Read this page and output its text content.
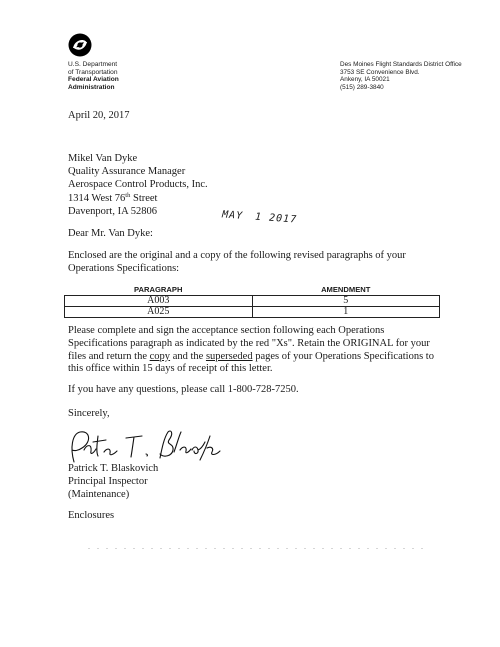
U.S. Department
of Transportation
Federal Aviation
Administration
Des Moines Flight Standards District Office
3753 SE Convenience Blvd.
Ankeny, IA 50021
(515) 289-3840
April 20, 2017
Mikel Van Dyke
Quality Assurance Manager
Aerospace Control Products, Inc.
1314 West 76th Street
Davenport, IA 52806	MAY 1 2017
Dear Mr. Van Dyke:
Enclosed are the original and a copy of the following revised paragraphs of your Operations Specifications:
PARAGRAPH	AMENDMENT
A003	5
A025	1
Please complete and sign the acceptance section following each Operations Specifications paragraph as indicated by the red "Xs". Retain the ORIGINAL for your files and return the copy and the superseded pages of your Operations Specifications to this office within 15 days of receipt of this letter.
If you have any questions, please call 1-800-728-7250.
Sincerely,
Patrick T. Blaskovich
Principal Inspector
(Maintenance)
Enclosures
